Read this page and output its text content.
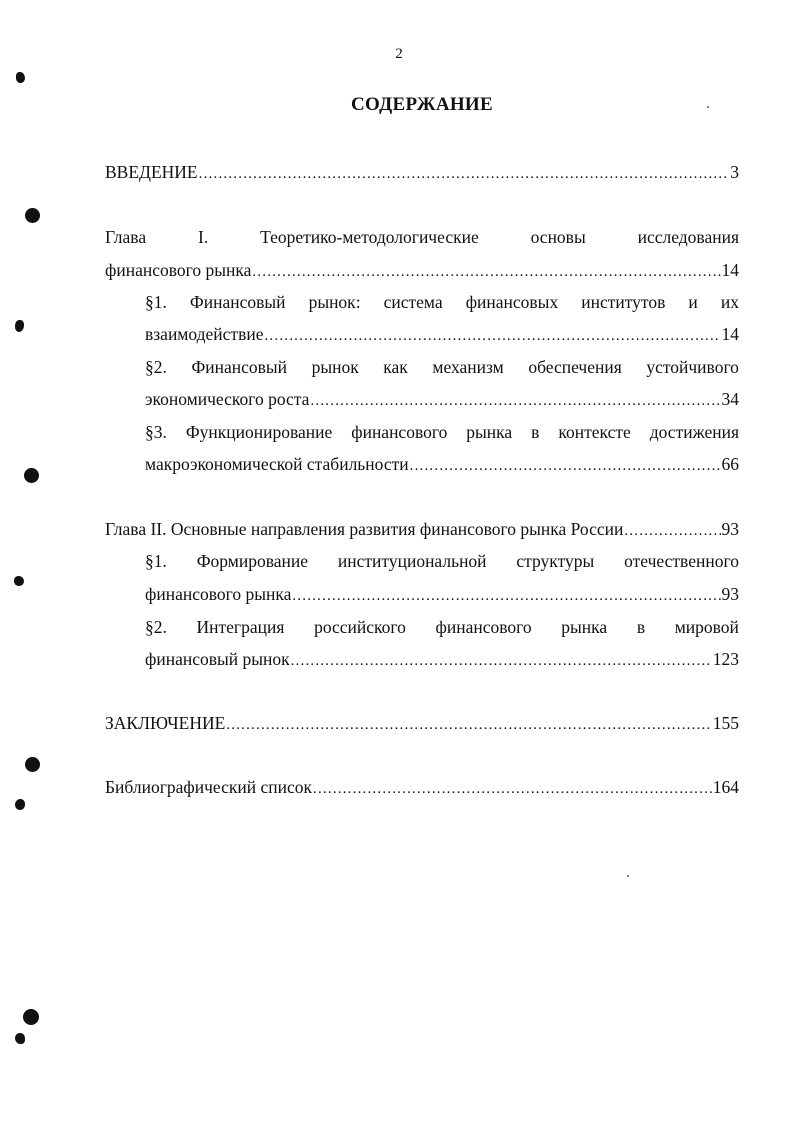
2
СОДЕРЖАНИЕ
ВВЕДЕНИЕ .....	3
Глава	I.	Теоретико-методологические	основы	исследования
финансового рынка .....	14
§1. Финансовый рынок: система финансовых институтов и их
взаимодействие .....	14
§2. Финансовый рынок как механизм обеспечения устойчивого
экономического роста .....	34
§3. Функционирование финансового рынка в контексте достижения
макроэкономической стабильности .....	66
Глава II. Основные направления развития финансового рынка России .....	93
§1. Формирование институциональной структуры отечественного
финансового рынка .....	93
§2. Интеграция российского финансового рынка в мировой
финансовый рынок .....	123
ЗАКЛЮЧЕНИЕ .....	155
Библиографический список .....	164
